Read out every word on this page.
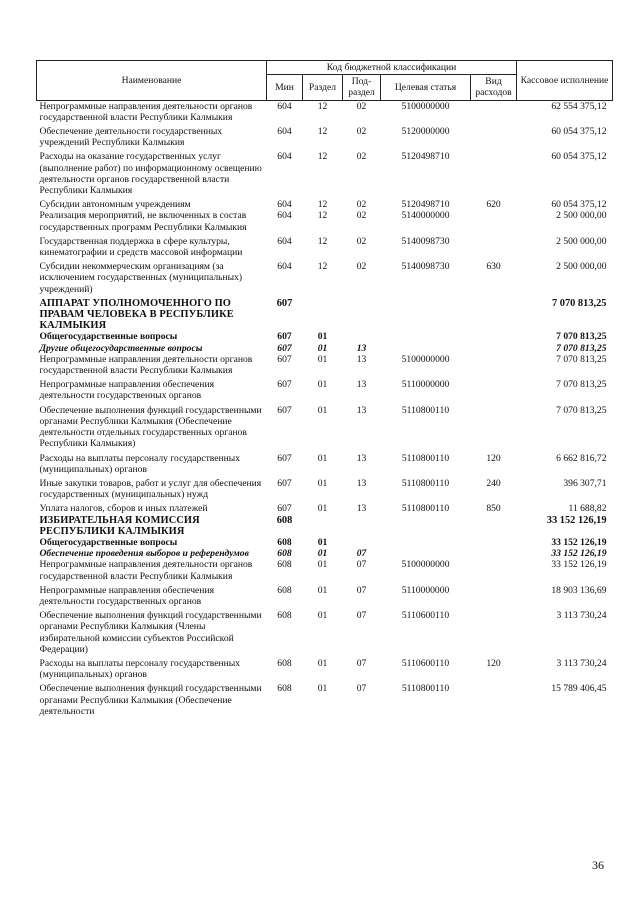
Наименование	Код бюджетной классификации					Кассовое исполнение
	Мин	Раздел	Под-раздел	Целевая статья	Вид расходов	
Непрограммные направления деятельности органов государственной власти Республики Калмыкия	604	12	02	5100000000		62 554 375,12
Обеспечение деятельности государственных учреждений Республики Калмыкия	604	12	02	5120000000		60 054 375,12
Расходы на оказание государственных услуг (выполнение работ) по информационному освещению деятельности органов государственной власти Республики Калмыкия	604	12	02	5120498710		60 054 375,12
Субсидии автономным учреждениям	604	12	02	5120498710	620	60 054 375,12
Реализация мероприятий, не включенных в состав государственных программ Республики Калмыкия	604	12	02	5140000000		2 500 000,00
Государственная поддержка в сфере культуры, кинематографии и средств массовой информации	604	12	02	5140098730		2 500 000,00
Субсидии некоммерческим организациям (за исключением государственных (муниципальных) учреждений)	604	12	02	5140098730	630	2 500 000,00
АППАРАТ УПОЛНОМОЧЕННОГО ПО ПРАВАМ ЧЕЛОВЕКА В РЕСПУБЛИКЕ КАЛМЫКИЯ	607					7 070 813,25
Общегосударственные вопросы	607	01				7 070 813,25
Другие общегосударственные вопросы	607	01	13			7 070 813,25
Непрограммные направления деятельности органов государственной власти Республики Калмыкия	607	01	13	5100000000		7 070 813,25
Непрограммные направления обеспечения деятельности государственных органов	607	01	13	5110000000		7 070 813,25
Обеспечение выполнения функций государственными органами Республики Калмыкия (Обеспечение деятельности отдельных государственных органов Республики Калмыкия)	607	01	13	5110800110		7 070 813,25
Расходы на выплаты персоналу государственных (муниципальных) органов	607	01	13	5110800110	120	6 662 816,72
Иные закупки товаров, работ и услуг для обеспечения государственных (муниципальных) нужд	607	01	13	5110800110	240	396 307,71
Уплата налогов, сборов и иных платежей	607	01	13	5110800110	850	11 688,82
ИЗБИРАТЕЛЬНАЯ КОМИССИЯ РЕСПУБЛИКИ КАЛМЫКИЯ	608					33 152 126,19
Общегосударственные вопросы	608	01				33 152 126,19
Обеспечение проведения выборов и референдумов	608	01	07			33 152 126,19
Непрограммные направления деятельности органов государственной власти Республики Калмыкия	608	01	07	5100000000		33 152 126,19
Непрограммные направления обеспечения деятельности государственных органов	608	01	07	5110000000		18 903 136,69
Обеспечение выполнения функций государственными органами Республики Калмыкия (Члены избирательной комиссии субъектов Российской Федерации)	608	01	07	5110600110		3 113 730,24
Расходы на выплаты персоналу государственных (муниципальных) органов	608	01	07	5110600110	120	3 113 730,24
Обеспечение выполнения функций государственными органами Республики Калмыкия (Обеспечение деятельности	608	01	07	5110800110		15 789 406,45
36
